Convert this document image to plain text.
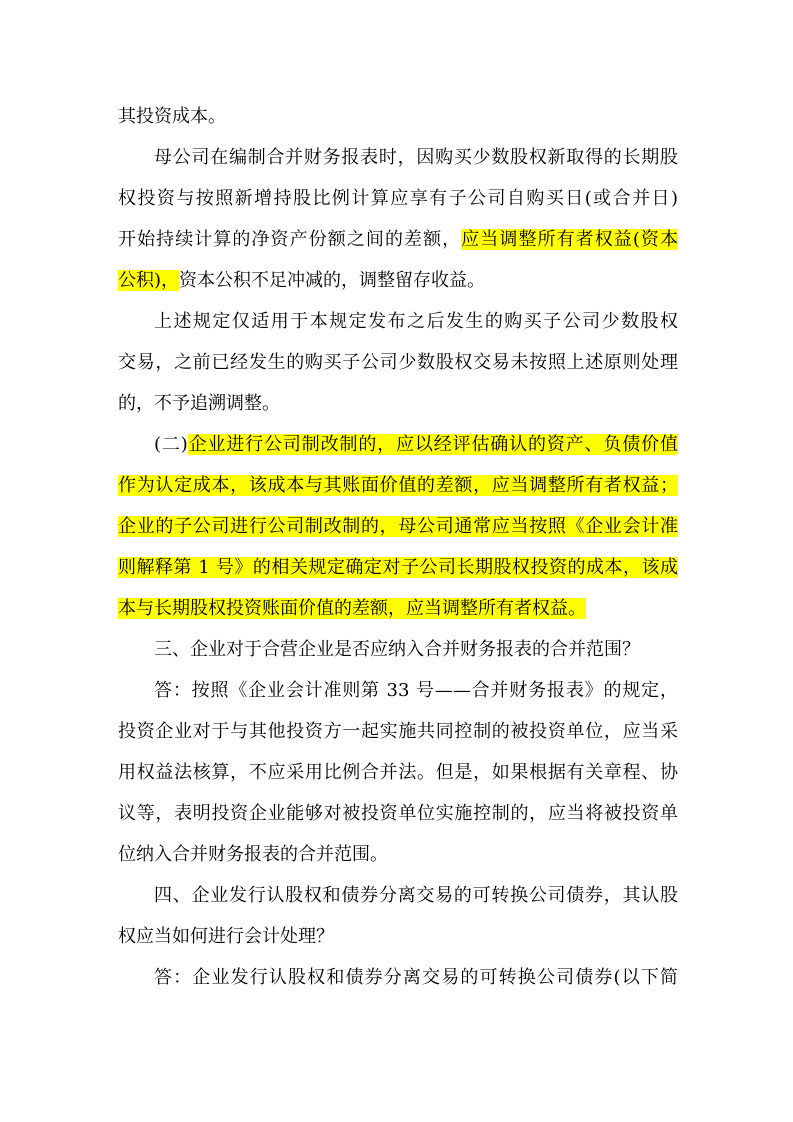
其投资成本。
母公司在编制合并财务报表时，因购买少数股权新取得的长期股
权投资与按照新增持股比例计算应享有子公司自购买日(或合并日)
开始持续计算的净资产份额之间的差额，应当调整所有者权益(资本
公积)，资本公积不足冲减的，调整留存收益。
上述规定仅适用于本规定发布之后发生的购买子公司少数股权
交易，之前已经发生的购买子公司少数股权交易未按照上述原则处理
的，不予追溯调整。
(二)企业进行公司制改制的，应以经评估确认的资产、负债价值
作为认定成本，该成本与其账面价值的差额，应当调整所有者权益；
企业的子公司进行公司制改制的，母公司通常应当按照《企业会计准
则解释第 1 号》的相关规定确定对子公司长期股权投资的成本，该成
本与长期股权投资账面价值的差额，应当调整所有者权益。
三、企业对于合营企业是否应纳入合并财务报表的合并范围？
答：按照《企业会计准则第 33 号——合并财务报表》的规定，
投资企业对于与其他投资方一起实施共同控制的被投资单位，应当采
用权益法核算，不应采用比例合并法。但是，如果根据有关章程、协
议等，表明投资企业能够对被投资单位实施控制的，应当将被投资单
位纳入合并财务报表的合并范围。
四、企业发行认股权和债券分离交易的可转换公司债券，其认股
权应当如何进行会计处理？
答：企业发行认股权和债券分离交易的可转换公司债券(以下简
